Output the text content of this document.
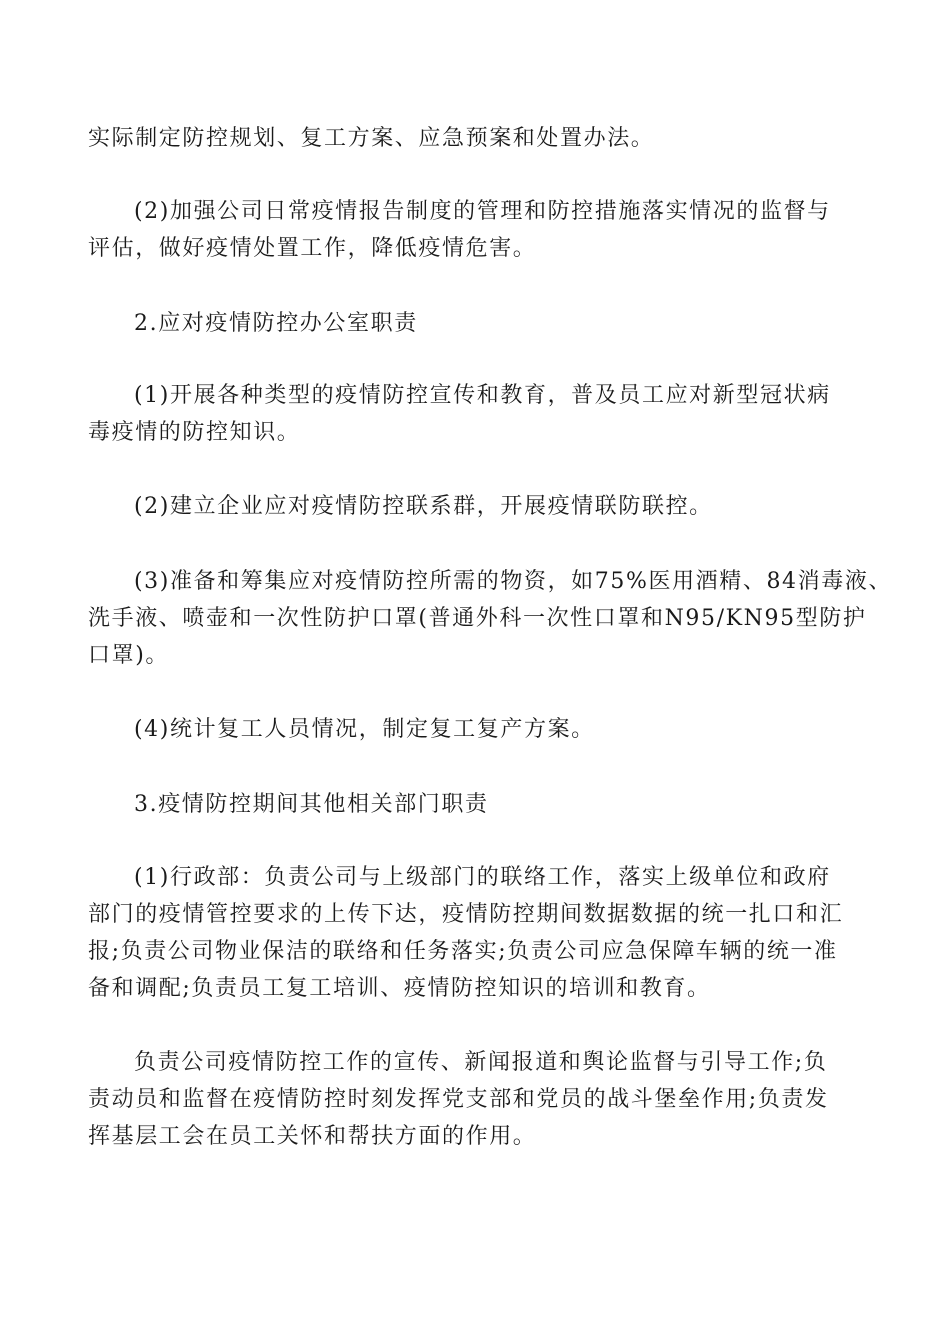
实际制定防控规划、复工方案、应急预案和处置办法。

(2)加强公司日常疫情报告制度的管理和防控措施落实情况的监督与
评估，做好疫情处置工作，降低疫情危害。

2.应对疫情防控办公室职责

(1)开展各种类型的疫情防控宣传和教育，普及员工应对新型冠状病
毒疫情的防控知识。

(2)建立企业应对疫情防控联系群，开展疫情联防联控。

(3)准备和筹集应对疫情防控所需的物资，如75%医用酒精、84消毒液、
洗手液、喷壶和一次性防护口罩(普通外科一次性口罩和N95/KN95型防护
口罩)。

(4)统计复工人员情况，制定复工复产方案。

3.疫情防控期间其他相关部门职责

(1)行政部：负责公司与上级部门的联络工作，落实上级单位和政府
部门的疫情管控要求的上传下达，疫情防控期间数据数据的统一扎口和汇
报;负责公司物业保洁的联络和任务落实;负责公司应急保障车辆的统一准
备和调配;负责员工复工培训、疫情防控知识的培训和教育。

负责公司疫情防控工作的宣传、新闻报道和舆论监督与引导工作;负
责动员和监督在疫情防控时刻发挥党支部和党员的战斗堡垒作用;负责发
挥基层工会在员工关怀和帮扶方面的作用。
